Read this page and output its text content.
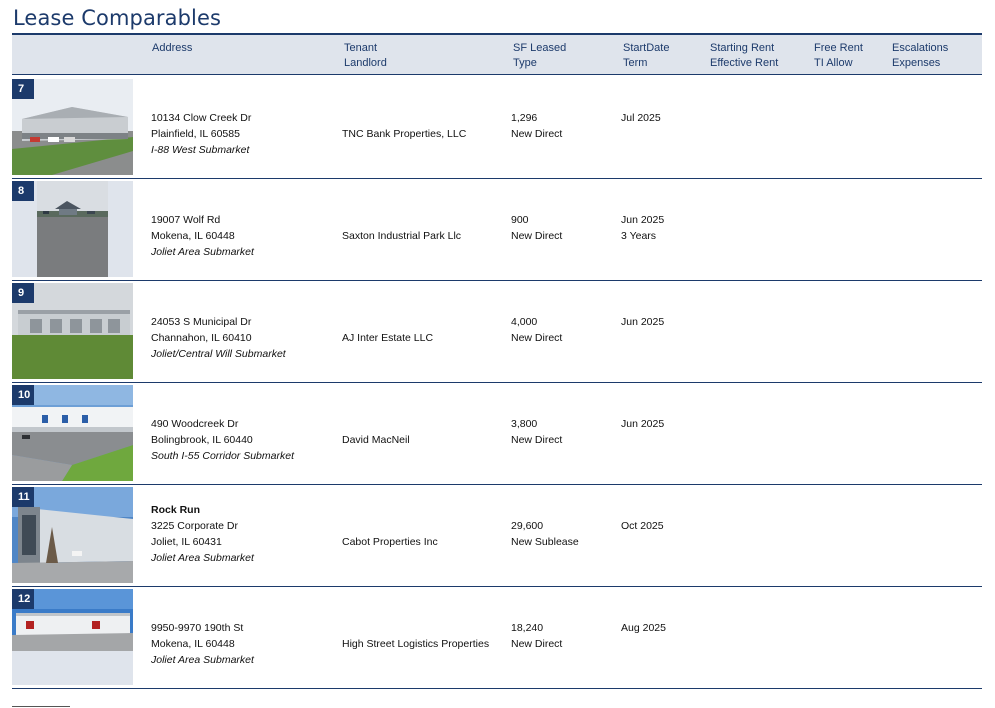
Lease Comparables
Address	Tenant
Landlord
SF Leased
Type
StartDate
Term
Starting Rent
Effective Rent
Free Rent
TI Allow
Escalations
Expenses
7
10134 Clow Creek Dr
Plainfield, IL 60585
I-88 West Submarket
TNC Bank Properties, LLC
1,296
New Direct
Jul 2025
8
19007 Wolf Rd
Mokena, IL 60448
Joliet Area Submarket
Saxton Industrial Park Llc
900
New Direct
Jun 2025
3 Years
9
24053 S Municipal Dr
Channahon, IL 60410
Joliet/Central Will Submarket
AJ Inter Estate LLC
4,000
New Direct
Jun 2025
10
490 Woodcreek Dr
Bolingbrook, IL 60440
South I-55 Corridor Submarket
David MacNeil
3,800
New Direct
Jun 2025
11
Rock Run
3225 Corporate Dr
Joliet, IL 60431
Joliet Area Submarket
Cabot Properties Inc
29,600
New Sublease
Oct 2025
12
9950-9970 190th St
Mokena, IL 60448
Joliet Area Submarket
High Street Logistics Properties
18,240
New Direct
Aug 2025
